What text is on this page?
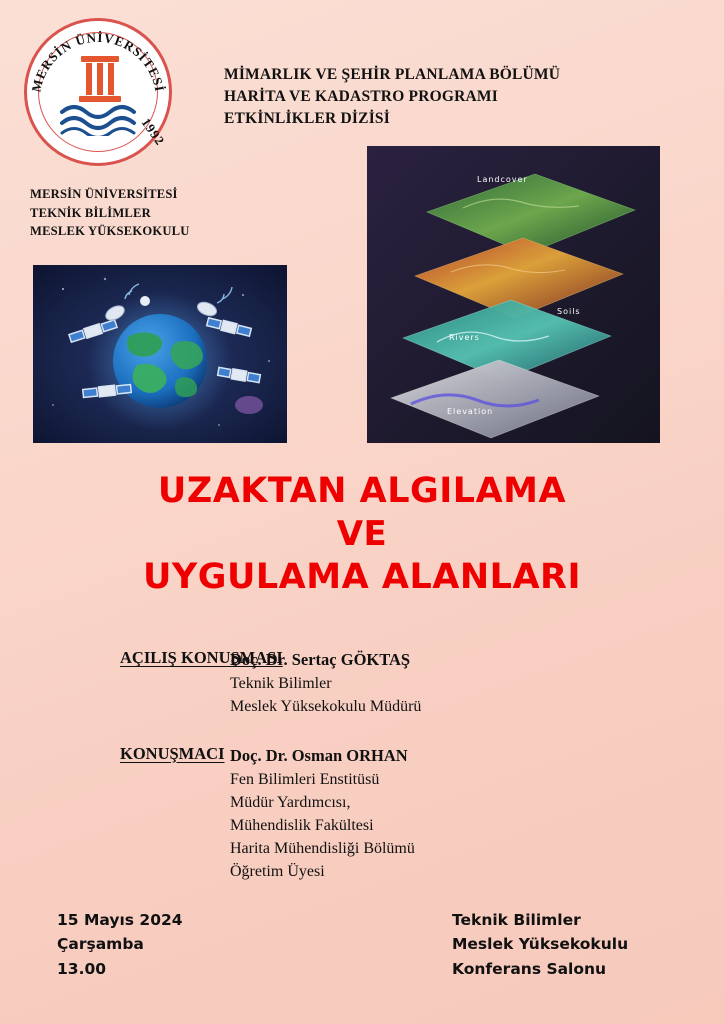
MERSİN ÜNİVERSİTESİ
1992
MİMARLIK VE ŞEHİR PLANLAMA BÖLÜMÜ
HARİTA VE KADASTRO PROGRAMI
ETKİNLİKLER DİZİSİ
MERSİN ÜNİVERSİTESİ
TEKNİK BİLİMLER
MESLEK YÜKSEKOKULU
Landcover
Soils
Rivers
Elevation
UZAKTAN ALGILAMA
VE
UYGULAMA ALANLARI
AÇILIŞ KONUŞMASI
Doç. Dr. Sertaç GÖKTAŞ
Teknik Bilimler
Meslek Yüksekokulu Müdürü
KONUŞMACI Doç. Dr. Osman ORHAN
Fen Bilimleri Enstitüsü
Müdür Yardımcısı,
Mühendislik Fakültesi
Harita Mühendisliği Bölümü
Öğretim Üyesi
15 Mayıs 2024
Çarşamba
13.00
Teknik Bilimler
Meslek Yüksekokulu
Konferans Salonu
